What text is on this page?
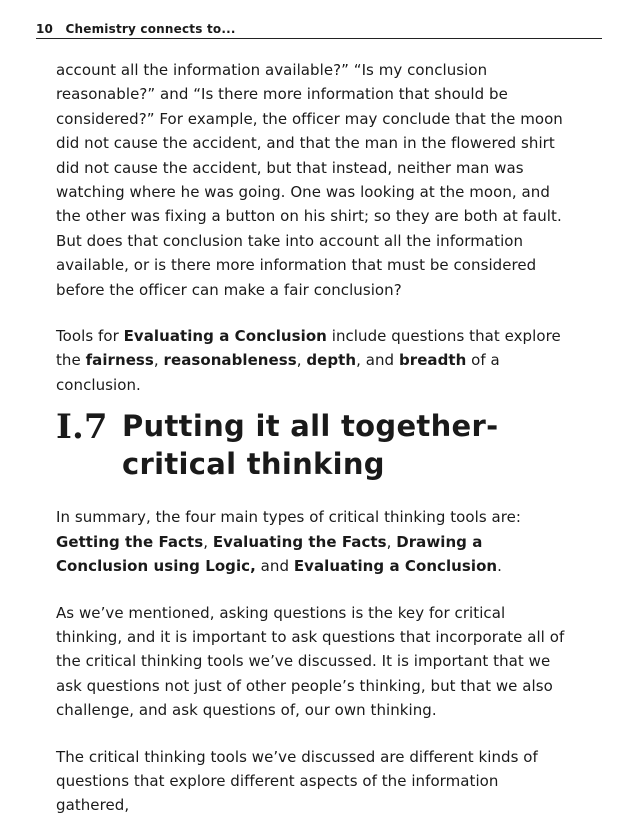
10 Chemistry connects to...

account all the information available?” “Is my conclusion reasonable?” and “Is there more information that should be considered?” For example, the officer may conclude that the moon did not cause the accident, and that the man in the flowered shirt did not cause the accident, but that instead, neither man was watching where he was going. One was looking at the moon, and the other was fixing a button on his shirt; so they are both at fault. But does that conclusion take into account all the information available, or is there more information that must be considered before the officer can make a fair conclusion?

Tools for Evaluating a Conclusion include questions that explore the fairness, reasonableness, depth, and breadth of a conclusion.

I.7 Putting it all together-
critical thinking

In summary, the four main types of critical thinking tools are: Getting the Facts, Evaluating the Facts, Drawing a Conclusion using Logic, and Evaluating a Conclusion.

As we’ve mentioned, asking questions is the key for critical thinking, and it is important to ask questions that incorporate all of the critical thinking tools we’ve discussed. It is important that we ask questions not just of other people’s thinking, but that we also challenge, and ask questions of, our own thinking.

The critical thinking tools we’ve discussed are different kinds of questions that explore different aspects of the information gathered,
